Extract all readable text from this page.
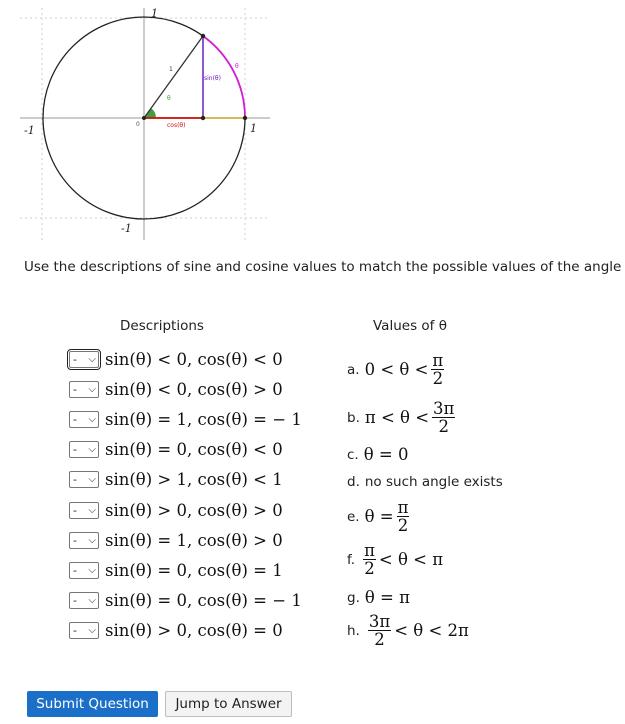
1
sin(θ)
cos(θ)
θ
θ
0
1
-1
-1	1
Use the descriptions of sine and cosine values to match the possible values of the angle
Descriptions	Values of θ
- ⌵ sin(θ) < 0, cos(θ) < 0
- ⌵ sin(θ) < 0, cos(θ) > 0
- ⌵ sin(θ) = 1, cos(θ) = − 1
- ⌵ sin(θ) = 0, cos(θ) < 0
- ⌵ sin(θ) > 1, cos(θ) < 1
- ⌵ sin(θ) > 0, cos(θ) > 0
- ⌵ sin(θ) = 1, cos(θ) > 0
- ⌵ sin(θ) = 0, cos(θ) = 1
- ⌵ sin(θ) = 0, cos(θ) = − 1
- ⌵ sin(θ) > 0, cos(θ) = 0
a. $0 < \theta < \frac{\pi}{2}$
b. $\pi < \theta < \frac{3\pi}{2}$
c. θ = 0
d. no such angle exists
e. $\theta = \frac{\pi}{2}$
f. $\frac{\pi}{2} < \theta < \pi$
g. θ = π
h. $\frac{3\pi}{2} < \theta < 2\pi$
Submit Question	Jump to Answer
